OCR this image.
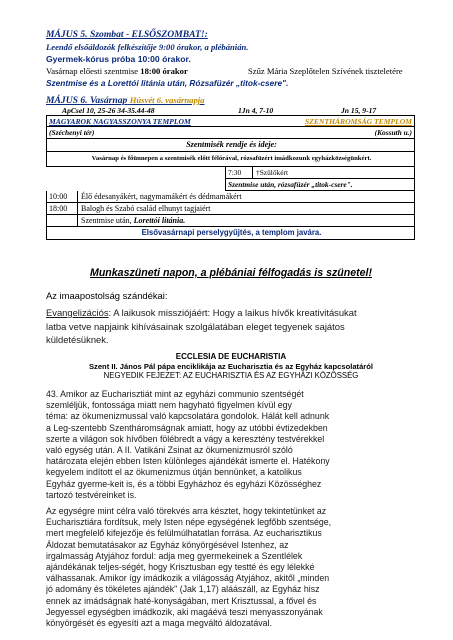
MÁJUS 5. Szombat - ELSŐSZOMBAT!:
Leendő elsőáldozók felkészítője 9:00 órakor, a plébánián.
Gyermek-kórus próba 10:00 órakor.
Vasárnap előesti szentmise 18:00 órakor	Szűz Mária Szeplőtelen Szívének tiszteletére
Szentmise és a Lorettói litánia után, Rózsafüzér „titok-csere".
MÁJUS 6. Vasárnap Húsvét 6. vasárnapja
ApCsel 10, 25-26 34-35.44-48	1Jn 4, 7-10	Jn 15, 9-17
MAGYAROK NAGYASSZONYA TEMPLOM	SZENTHÁROMSÁG TEMPLOM
(Széchenyi tér)	(Kossuth u.)
Szentmisék rendje és ideje:
Vasárnap és főünnepen a szentmisék előtt félórával, rózsafüzért imádkozunk egyházközségünkért.
7:30	†Szülőkért
Szentmise után, rózsafüzér „titok-csere".
10:00	Élő édesanyákért, nagymamákért és dédmamákért
18:00	Balogh és Szabó család elhunyt tagjaiért
Szentmise után, Lorettói litánia.
Elsővasárnapi perselygyűjtés, a templom javára.
Munkaszüneti napon, a plébániai félfogadás is szünetel!
Az imaapostolság szándékai:
Evangelizációs: A laikusok missziójáért: Hogy a laikus hívők kreativitásukat
latba vetve napjaink kihívásainak szolgálatában eleget tegyenek sajátos
küldetésüknek.
ECCLESIA DE EUCHARISTIA
Szent II. János Pál pápa enciklikája az Eucharisztia és az Egyház kapcsolatáról
NEGYEDIK FEJEZET: AZ EUCHARISZTIA ÉS AZ EGYHÁZI KÖZÖSSÉG
43. Amikor az Eucharisztiát mint az egyházi communio szentségét
szemléljük, fontossága miatt nem hagyható figyelmen kívül egy
téma: az ökumenizmussal való kapcsolatára gondolok. Hálát kell adnunk
a Leg-szentebb Szentháromságnak amiatt, hogy az utóbbi évtizedekben
szerte a világon sok hívőben fölébredt a vágy a keresztény testvérekkel
való egység után. A II. Vatikáni Zsinat az ökumenizmusról szóló
határozata elején ebben Isten különleges ajándékát ismerte el. Hatékony
kegyelem indított el az ökumenizmus útján bennünket, a katolikus
Egyház gyerme-keit is, és a többi Egyházhoz és egyházi Közösséghez
tartozó testvéreinket is.
Az egységre mint célra való törekvés arra késztet, hogy tekintetünket az
Eucharisztiára fordítsuk, mely Isten népe egységének legfőbb szentsége,
mert megfelelő kifejezője és felülmúlhatatlan forrása. Az eucharisztikus
Áldozat bemutatásakor az Egyház könyörgésével Istenhez, az
irgalmasság Atyjához fordul: adja meg gyermekeinek a Szentlélek
ajándékának teljes-ségét, hogy Krisztusban egy testté és egy lélekké
válhassanak. Amikor így imádkozik a világosság Atyjához, akitől „minden
jó adomány és tökéletes ajándék" (Jak 1,17) aláászáll, az Egyház hisz
ennek az imádságnak haté-konyságában, mert Krisztussal, a fővel és
Jegyessel egységben imádkozik, aki magáévá teszi menyasszonyának
könyörgését és egyesíti azt a maga megváltó áldozatával.
